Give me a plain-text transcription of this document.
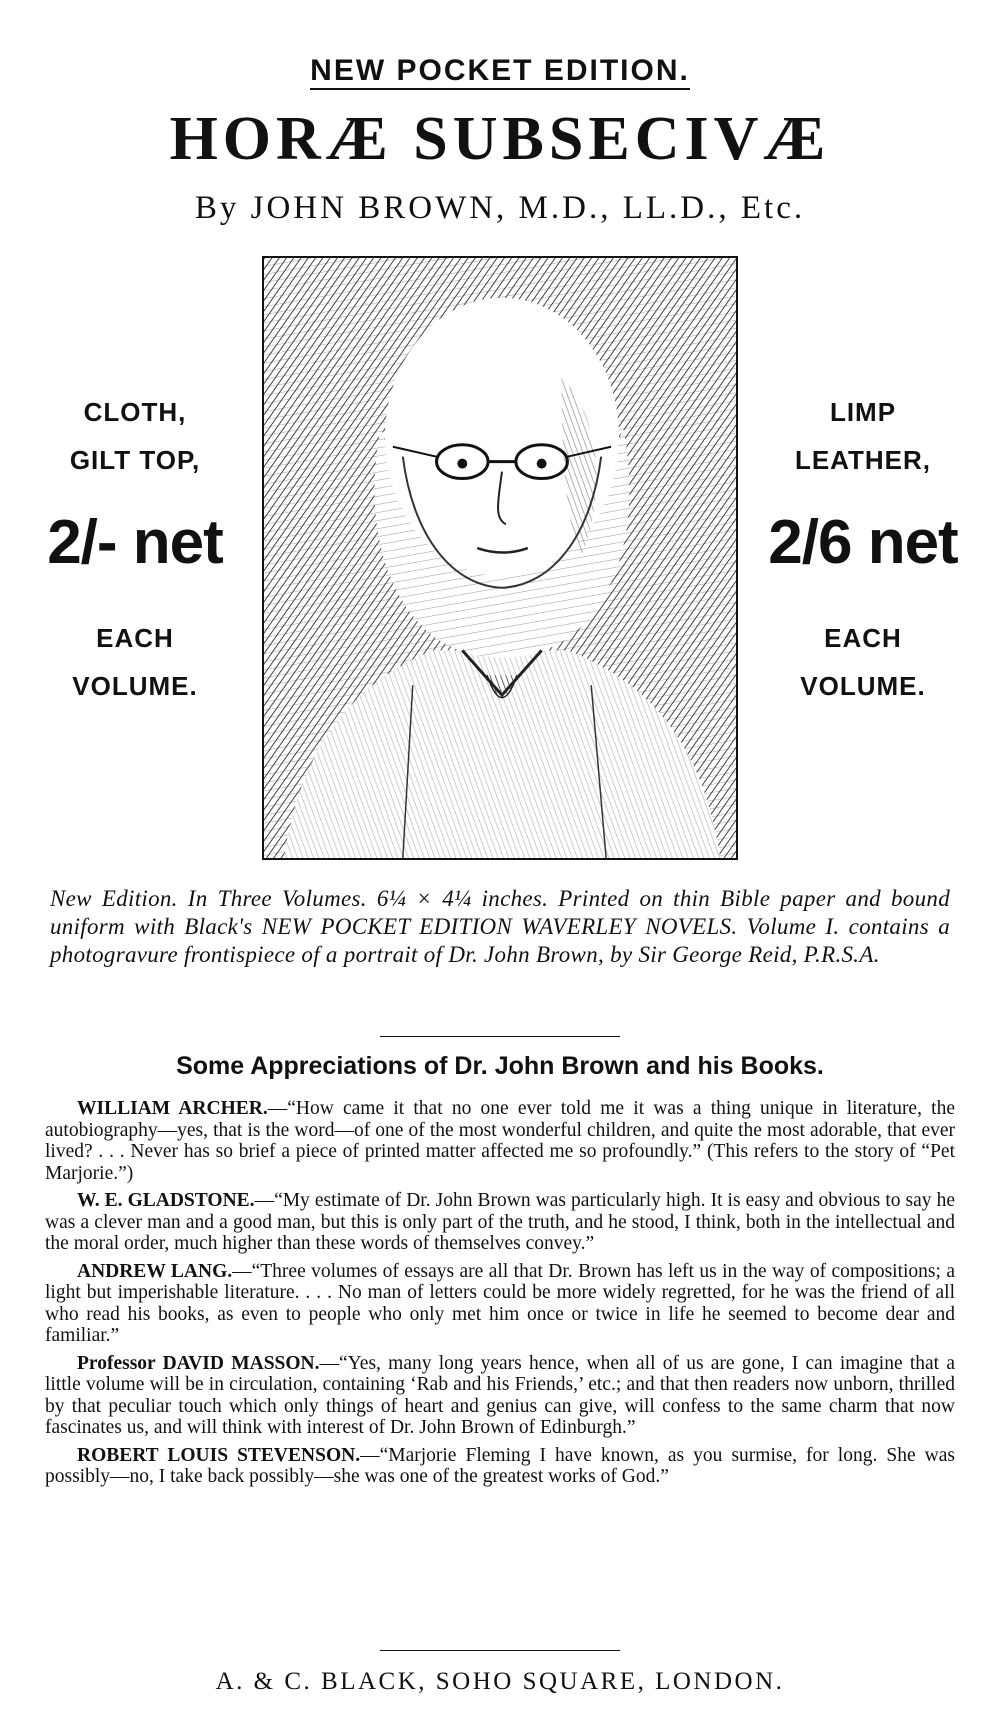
NEW POCKET EDITION.
HORÆ SUBSECIVÆ
By JOHN BROWN, M.D., LL.D., Etc.
CLOTH,
GILT TOP,
2/- net
EACH
VOLUME.
LIMP
LEATHER,
2/6 net
EACH
VOLUME.
New Edition. In Three Volumes. 6¼ × 4¼ inches. Printed on thin Bible paper and bound uniform with Black's NEW POCKET EDITION WAVERLEY NOVELS. Volume I. contains a photogravure frontispiece of a portrait of Dr. John Brown, by Sir George Reid, P.R.S.A.
Some Appreciations of Dr. John Brown and his Books.

WILLIAM ARCHER.—“How came it that no one ever told me it was a thing unique in literature, the autobiography—yes, that is the word—of one of the most wonderful children, and quite the most adorable, that ever lived? . . . Never has so brief a piece of printed matter affected me so profoundly.” (This refers to the story of “Pet Marjorie.”)

W. E. GLADSTONE.—“My estimate of Dr. John Brown was particularly high. It is easy and obvious to say he was a clever man and a good man, but this is only part of the truth, and he stood, I think, both in the intellectual and the moral order, much higher than these words of themselves convey.”

ANDREW LANG.—“Three volumes of essays are all that Dr. Brown has left us in the way of compositions; a light but imperishable literature. . . . No man of letters could be more widely regretted, for he was the friend of all who read his books, as even to people who only met him once or twice in life he seemed to become dear and familiar.”

Professor DAVID MASSON.—“Yes, many long years hence, when all of us are gone, I can imagine that a little volume will be in circulation, containing ‘Rab and his Friends,’ etc.; and that then readers now unborn, thrilled by that peculiar touch which only things of heart and genius can give, will confess to the same charm that now fascinates us, and will think with interest of Dr. John Brown of Edinburgh.”

ROBERT LOUIS STEVENSON.—“Marjorie Fleming I have known, as you surmise, for long. She was possibly—no, I take back possibly—she was one of the greatest works of God.”

A. & C. BLACK, SOHO SQUARE, LONDON.
